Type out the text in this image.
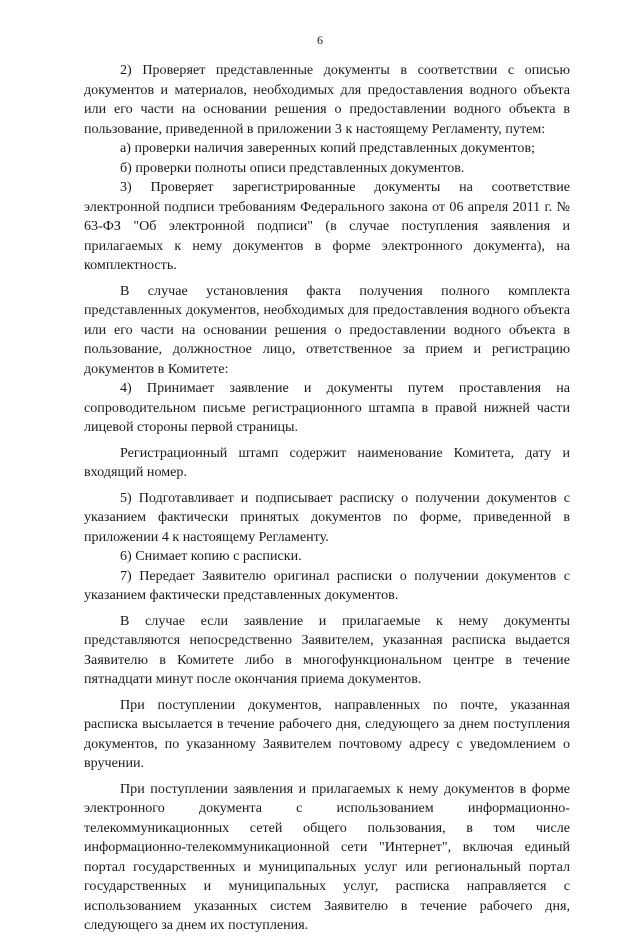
6

2) Проверяет представленные документы в соответствии с описью документов и материалов, необходимых для предоставления водного объекта или его части на основании решения о предоставлении водного объекта в пользование, приведенной в приложении 3 к настоящему Регламенту, путем:

а) проверки наличия заверенных копий представленных документов;

б) проверки полноты описи представленных документов.

3) Проверяет зарегистрированные документы на соответствие электронной подписи требованиям Федерального закона от 06 апреля 2011 г. № 63-ФЗ "Об электронной подписи" (в случае поступления заявления и прилагаемых к нему документов в форме электронного документа), на комплектность.

В случае установления факта получения полного комплекта представленных документов, необходимых для предоставления водного объекта или его части на основании решения о предоставлении водного объекта в пользование, должностное лицо, ответственное за прием и регистрацию документов в Комитете:

4) Принимает заявление и документы путем проставления на сопроводительном письме регистрационного штампа в правой нижней части лицевой стороны первой страницы.

Регистрационный штамп содержит наименование Комитета, дату и входящий номер.

5) Подготавливает и подписывает расписку о получении документов с указанием фактически принятых документов по форме, приведенной в приложении 4 к настоящему Регламенту.

6) Снимает копию с расписки.

7) Передает Заявителю оригинал расписки о получении документов с указанием фактически представленных документов.

В случае если заявление и прилагаемые к нему документы представляются непосредственно Заявителем, указанная расписка выдается Заявителю в Комитете либо в многофункциональном центре в течение пятнадцати минут после окончания приема документов.

При поступлении документов, направленных по почте, указанная расписка высылается в течение рабочего дня, следующего за днем поступления документов, по указанному Заявителем почтовому адресу с уведомлением о вручении.

При поступлении заявления и прилагаемых к нему документов в форме электронного документа с использованием информационно-телекоммуникационных сетей общего пользования, в том числе информационно-телекоммуникационной сети "Интернет", включая единый портал государственных и муниципальных услуг или региональный портал государственных и муниципальных услуг, расписка направляется с использованием указанных систем Заявителю в течение рабочего дня, следующего за днем их поступления.
